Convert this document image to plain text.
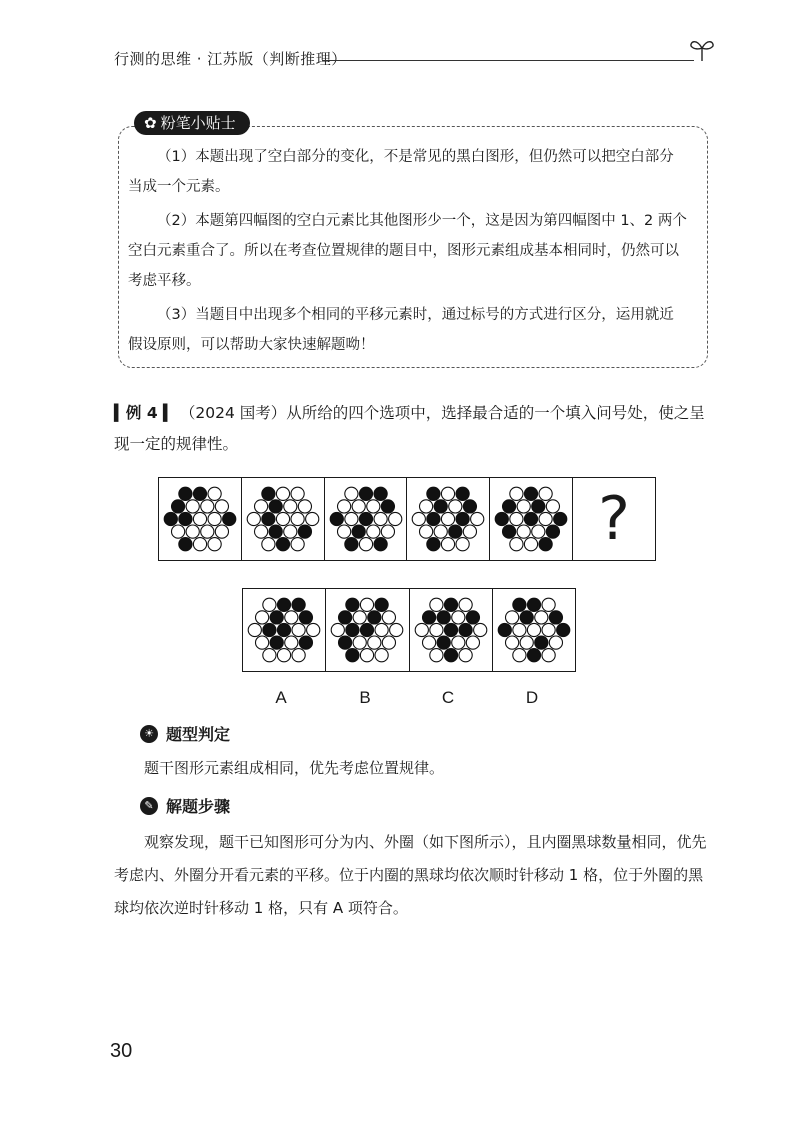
行测的思维 · 江苏版（判断推理）
✿ 粉笔小贴士

（1）本题出现了空白部分的变化，不是常见的黑白图形，但仍然可以把空白部分当成一个元素。

（2）本题第四幅图的空白元素比其他图形少一个，这是因为第四幅图中 1、2 两个空白元素重合了。所以在考查位置规律的题目中，图形元素组成基本相同时，仍然可以考虑平移。

（3）当题目中出现多个相同的平移元素时，通过标号的方式进行区分，运用就近假设原则，可以帮助大家快速解题呦！

▍例 4 ▍ （2024 国考）从所给的四个选项中，选择最合适的一个填入问号处，使之呈现一定的规律性。
?
A	B	C	D
☀ 题型判定

题干图形元素组成相同，优先考虑位置规律。

✎ 解题步骤

观察发现，题干已知图形可分为内、外圈（如下图所示），且内圈黑球数量相同，优先考虑内、外圈分开看元素的平移。位于内圈的黑球均依次顺时针移动 1 格，位于外圈的黑球均依次逆时针移动 1 格，只有 A 项符合。

30
